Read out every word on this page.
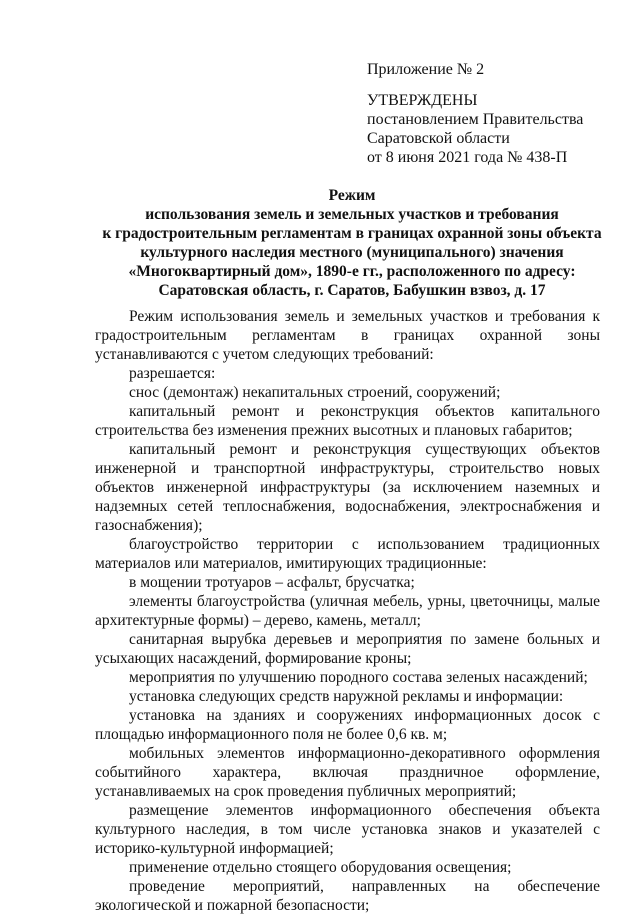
Приложение № 2
УТВЕРЖДЕНЫ
постановлением Правительства
Саратовской области
от 8 июня 2021 года № 438-П
Режим
использования земель и земельных участков и требования
к градостроительным регламентам в границах охранной зоны объекта
культурного наследия местного (муниципального) значения
«Многоквартирный дом», 1890-е гг., расположенного по адресу:
Саратовская область, г. Саратов, Бабушкин взвоз, д. 17

Режим использования земель и земельных участков и требования к градостроительным регламентам в границах охранной зоны устанавливаются с учетом следующих требований:

разрешается:

снос (демонтаж) некапитальных строений, сооружений;

капитальный ремонт и реконструкция объектов капитального строительства без изменения прежних высотных и плановых габаритов;

капитальный ремонт и реконструкция существующих объектов инженерной и транспортной инфраструктуры, строительство новых объектов инженерной инфраструктуры (за исключением наземных и надземных сетей теплоснабжения, водоснабжения, электроснабжения и газоснабжения);

благоустройство территории с использованием традиционных материалов или материалов, имитирующих традиционные:

в мощении тротуаров – асфальт, брусчатка;

элементы благоустройства (уличная мебель, урны, цветочницы, малые архитектурные формы) – дерево, камень, металл;

санитарная вырубка деревьев и мероприятия по замене больных и усыхающих насаждений, формирование кроны;

мероприятия по улучшению породного состава зеленых насаждений;

установка следующих средств наружной рекламы и информации:

установка на зданиях и сооружениях информационных досок с площадью информационного поля не более 0,6 кв. м;

мобильных элементов информационно-декоративного оформления событийного характера, включая праздничное оформление, устанавливаемых на срок проведения публичных мероприятий;

размещение элементов информационного обеспечения объекта культурного наследия, в том числе установка знаков и указателей с историко-культурной информацией;

применение отдельно стоящего оборудования освещения;

проведение мероприятий, направленных на обеспечение экологической и пожарной безопасности;
